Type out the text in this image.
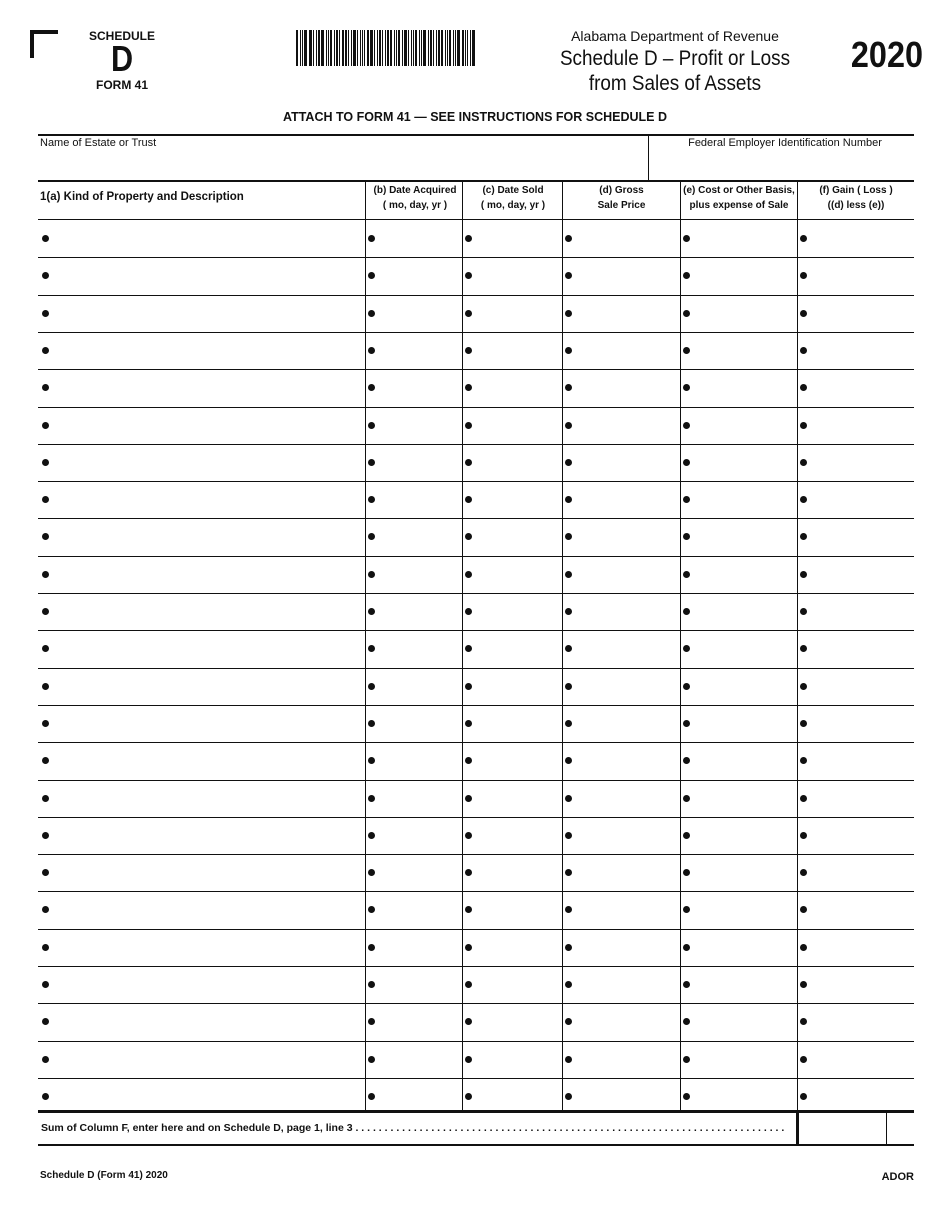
SCHEDULE
D
FORM 41
Alabama Department of Revenue
Schedule D – Profit or Loss
from Sales of Assets
2020
ATTACH TO FORM 41 — SEE INSTRUCTIONS FOR SCHEDULE D
Name of Estate or Trust	Federal Employer Identification Number
1(a) Kind of Property and Description
(b) Date Acquired
( mo, day, yr )
(c) Date Sold
( mo, day, yr )
(d) Gross
Sale Price
(e) Cost or Other Basis,
plus expense of Sale
(f) Gain ( Loss )
((d) less (e))
Sum of Column F, enter here and on Schedule D, page 1, line 3 . . . . . . . . . . . . . . . . . . . . . . . . . . . . . . . . . . . . . . . . . . . . . . . . . . . . . . . . . . . . . . . . . . . . . . . . . .
Schedule D (Form 41) 2020	ADOR
